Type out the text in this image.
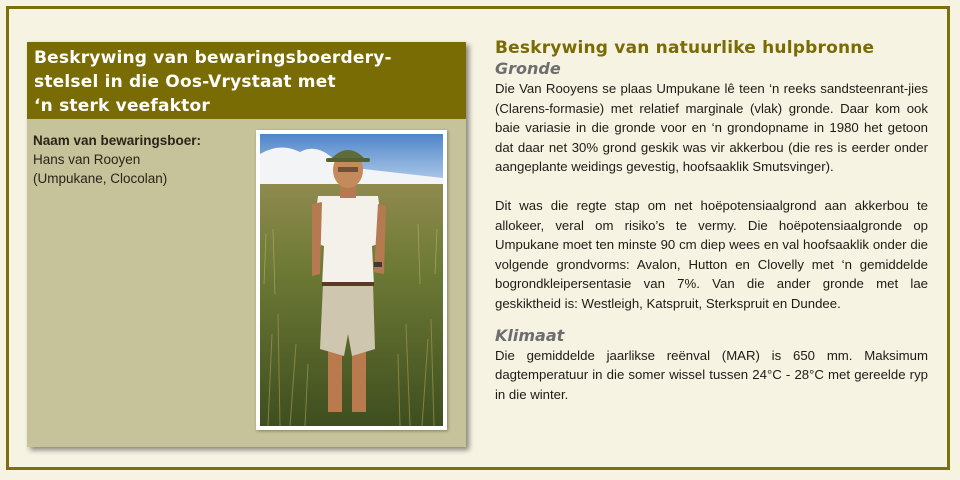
Beskrywing van bewaringsboerdery-
stelsel in die Oos-Vrystaat met
‘n sterk veefaktor
Naam van bewaringsboer:
Hans van Rooyen
(Umpukane, Clocolan)
Beskrywing van natuurlike hulpbronne
Gronde

Die Van Rooyens se plaas Umpukane lê teen ‘n reeks sandsteenrant-jies (Clarens-formasie) met relatief marginale (vlak) gronde. Daar kom ook baie variasie in die gronde voor en ‘n grondopname in 1980 het getoon dat daar net 30% grond geskik was vir akkerbou (die res is eerder onder aangeplante weidings gevestig, hoofsaaklik Smutsvinger).

Dit was die regte stap om net hoëpotensiaalgrond aan akkerbou te allokeer, veral om risiko’s te vermy. Die hoëpotensiaalgronde op Umpukane moet ten minste 90 cm diep wees en val hoofsaaklik onder die volgende grondvorms: Avalon, Hutton en Clovelly met ‘n gemiddelde bogrondkleipersentasie van 7%. Van die ander gronde met lae geskiktheid is: Westleigh, Katspruit, Sterkspruit en Dundee.

Klimaat

Die gemiddelde jaarlikse reënval (MAR) is 650 mm. Maksimum dagtemperatuur in die somer wissel tussen 24°C - 28°C met gereelde ryp in die winter.
